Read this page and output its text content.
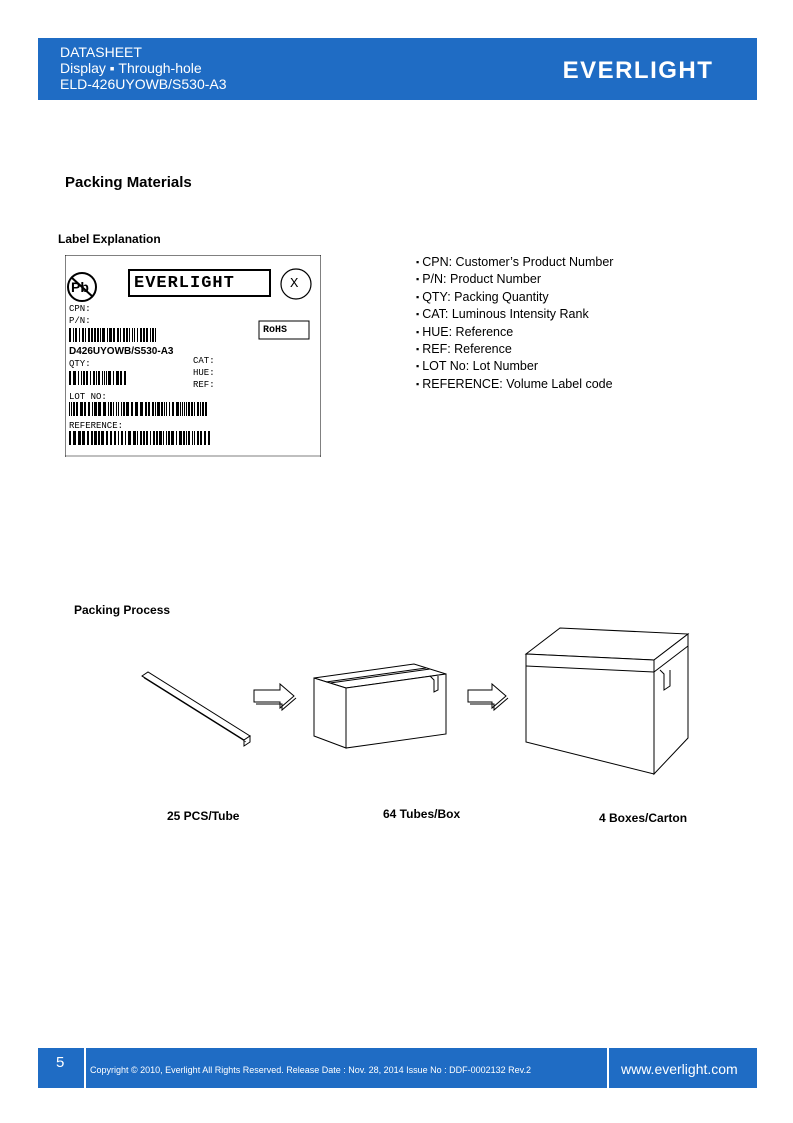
DATASHEET
Display ▪ Through-hole
ELD-426UYOWB/S530-A3	EVERLIGHT
Packing Materials
Label Explanation
EVERLIGHT
Pb	X
CPN:
P/N:
RoHS
D426UYOWB/S530-A3
QTY:	CAT:
HUE:
REF:
LOT NO:
REFERENCE:
▪ CPN: Customer’s Product Number
▪ P/N: Product Number
▪ QTY: Packing Quantity
▪ CAT: Luminous Intensity Rank
▪ HUE: Reference
▪ REF: Reference
▪ LOT No: Lot Number
▪ REFERENCE: Volume Label code
Packing Process
25 PCS/Tube	64 Tubes/Box	4 Boxes/Carton
5	Copyright © 2010, Everlight All Rights Reserved. Release Date : Nov. 28, 2014 Issue No : DDF-0002132 Rev.2	www.everlight.com
